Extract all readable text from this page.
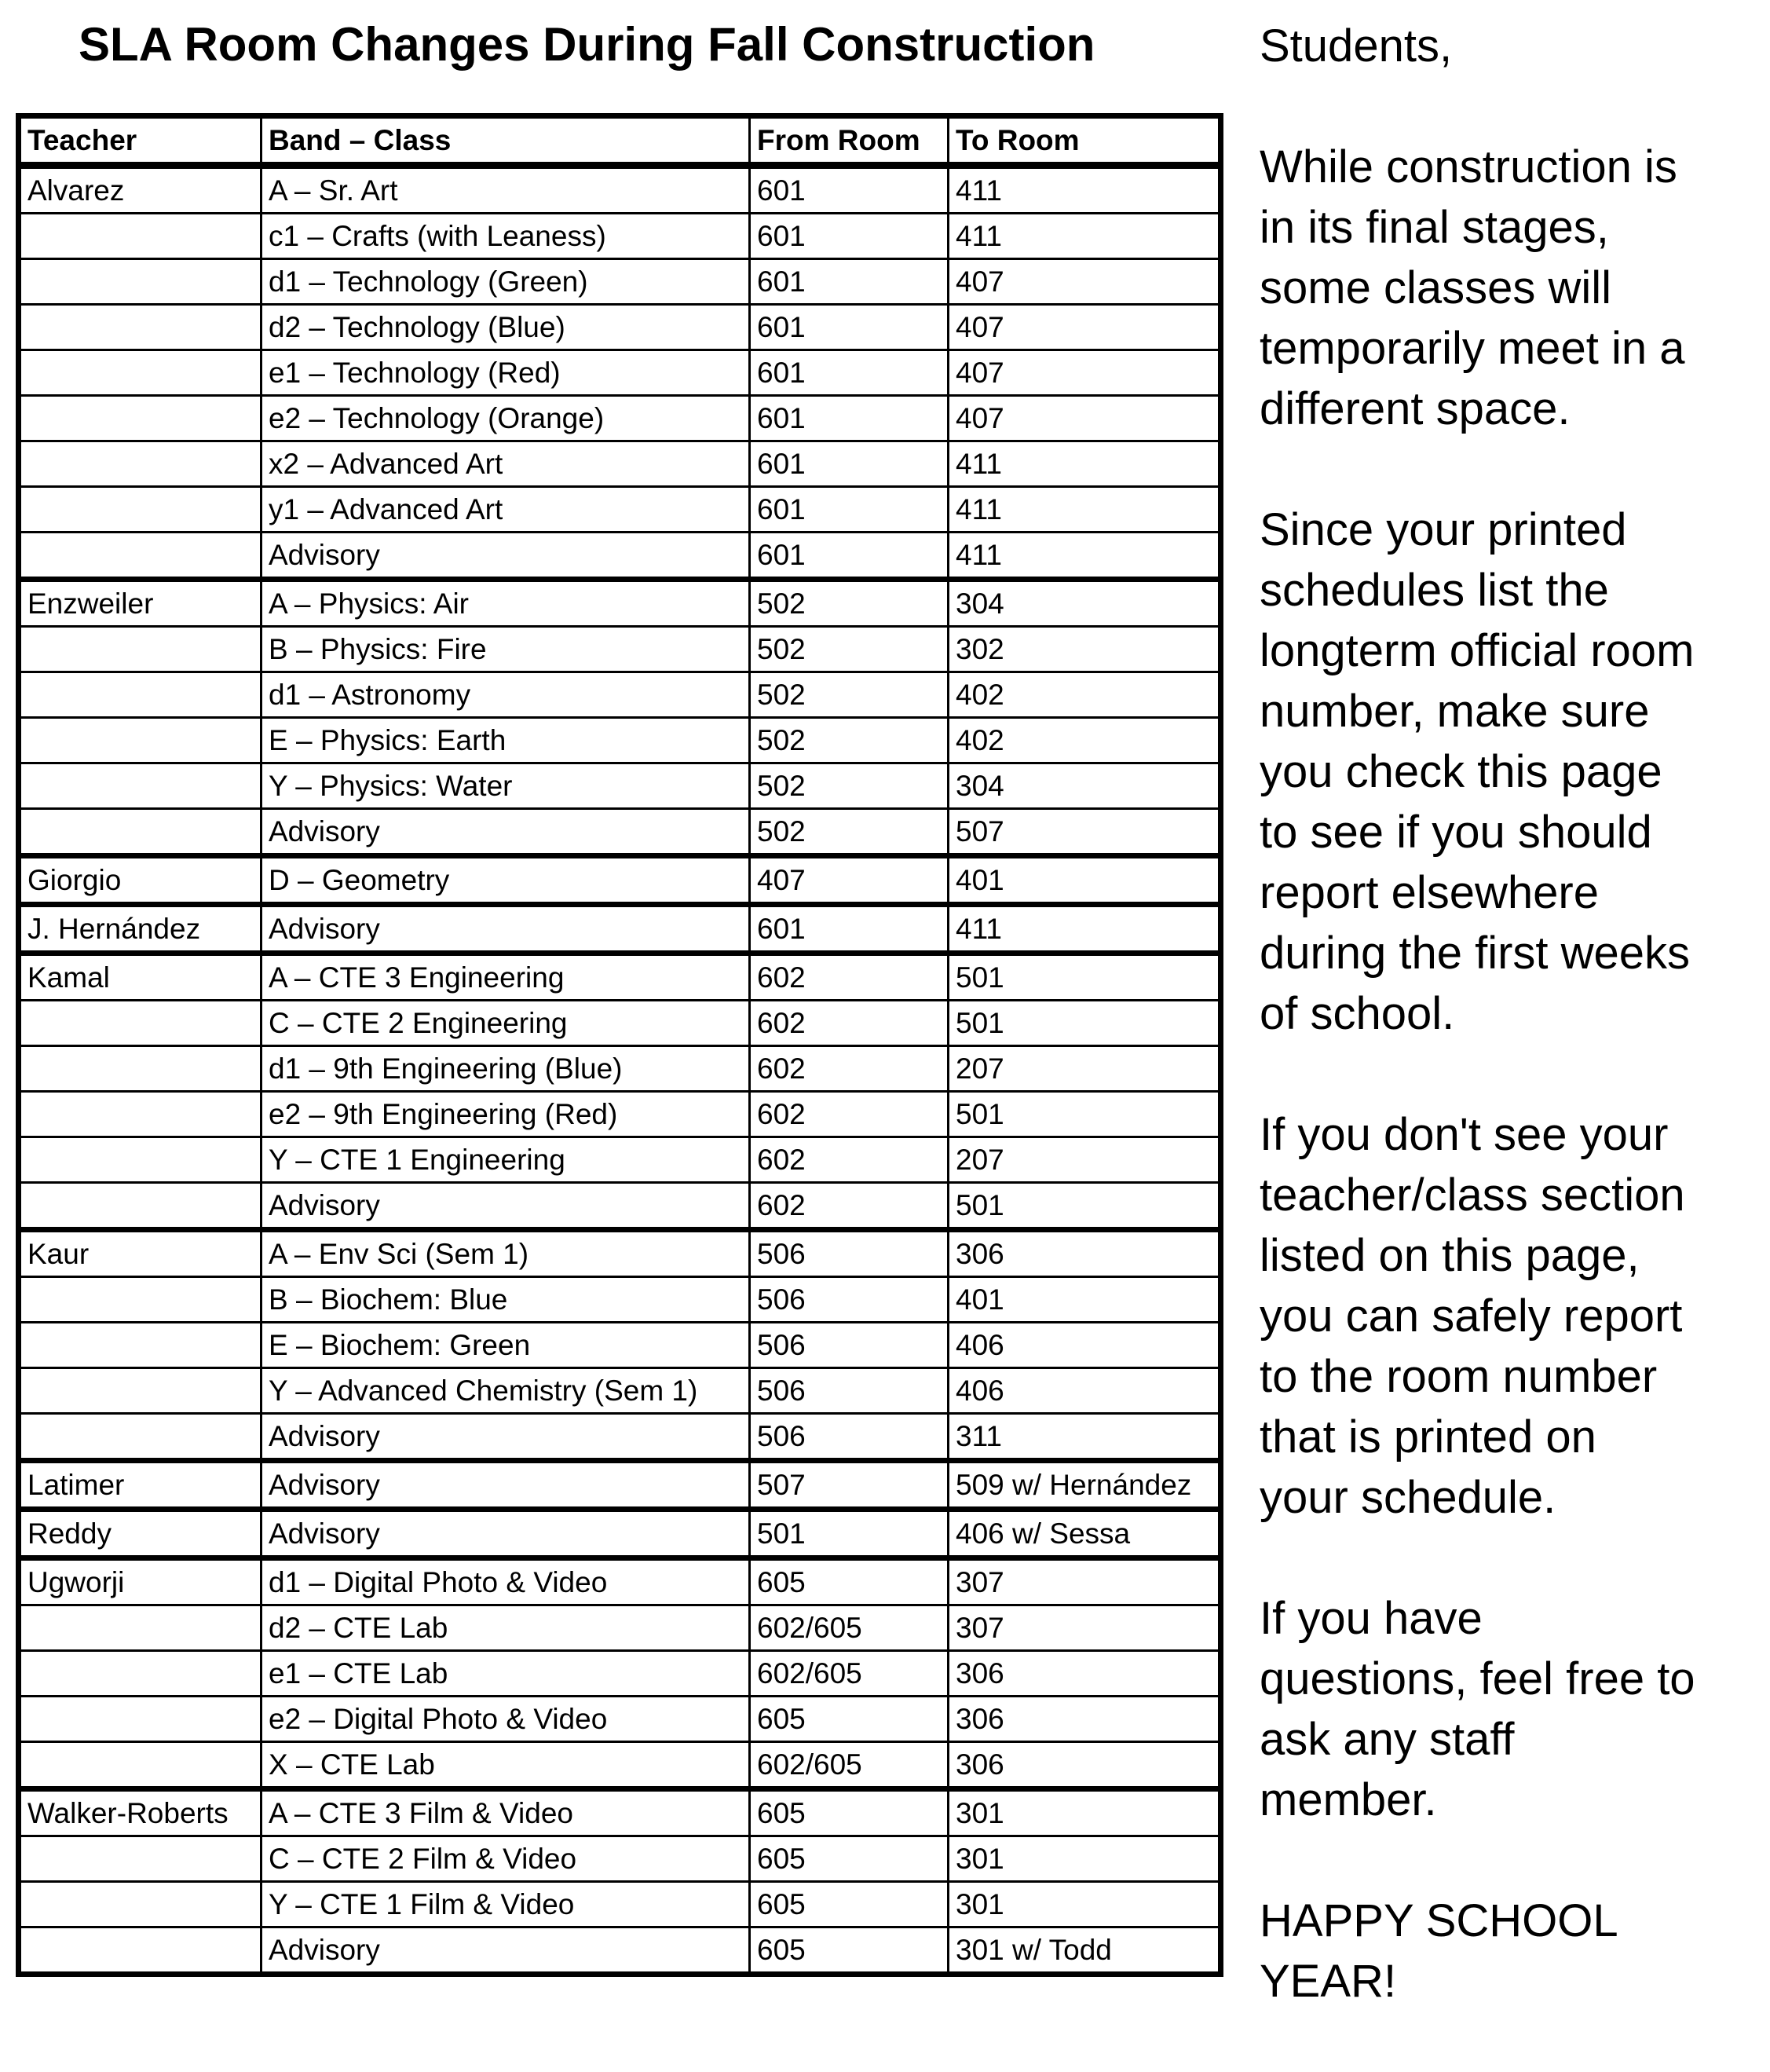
SLA Room Changes During Fall Construction
Teacher	Band – Class	From Room	To Room
Alvarez	A – Sr. Art	601	411
	c1 – Crafts (with Leaness)	601	411
	d1 – Technology (Green)	601	407
	d2 – Technology (Blue)	601	407
	e1 – Technology (Red)	601	407
	e2 – Technology (Orange)	601	407
	x2 – Advanced Art	601	411
	y1 – Advanced Art	601	411
	Advisory	601	411
Enzweiler	A – Physics: Air	502	304
	B – Physics: Fire	502	302
	d1 – Astronomy	502	402
	E – Physics: Earth	502	402
	Y – Physics: Water	502	304
	Advisory	502	507
Giorgio	D – Geometry	407	401
J. Hernández	Advisory	601	411
Kamal	A – CTE 3 Engineering	602	501
	C – CTE 2 Engineering	602	501
	d1 – 9th Engineering (Blue)	602	207
	e2 – 9th Engineering (Red)	602	501
	Y – CTE 1 Engineering	602	207
	Advisory	602	501
Kaur	A – Env Sci (Sem 1)	506	306
	B – Biochem: Blue	506	401
	E – Biochem: Green	506	406
	Y – Advanced Chemistry (Sem 1)	506	406
	Advisory	506	311
Latimer	Advisory	507	509 w/ Hernández
Reddy	Advisory	501	406 w/ Sessa
Ugworji	d1 – Digital Photo & Video	605	307
	d2 – CTE Lab	602/605	307
	e1 – CTE Lab	602/605	306
	e2 – Digital Photo & Video	605	306
	X – CTE Lab	602/605	306
Walker-Roberts	A – CTE 3 Film & Video	605	301
	C – CTE 2 Film & Video	605	301
	Y – CTE 1 Film & Video	605	301
	Advisory	605	301 w/ Todd

Students,

While construction is
in its final stages,
some classes will
temporarily meet in a
different space.

Since your printed
schedules list the
longterm official room
number, make sure
you check this page
to see if you should
report elsewhere
during the first weeks
of school.

If you don't see your
teacher/class section
listed on this page,
you can safely report
to the room number
that is printed on
your schedule.

If you have
questions, feel free to
ask any staff
member.

HAPPY SCHOOL
YEAR!
